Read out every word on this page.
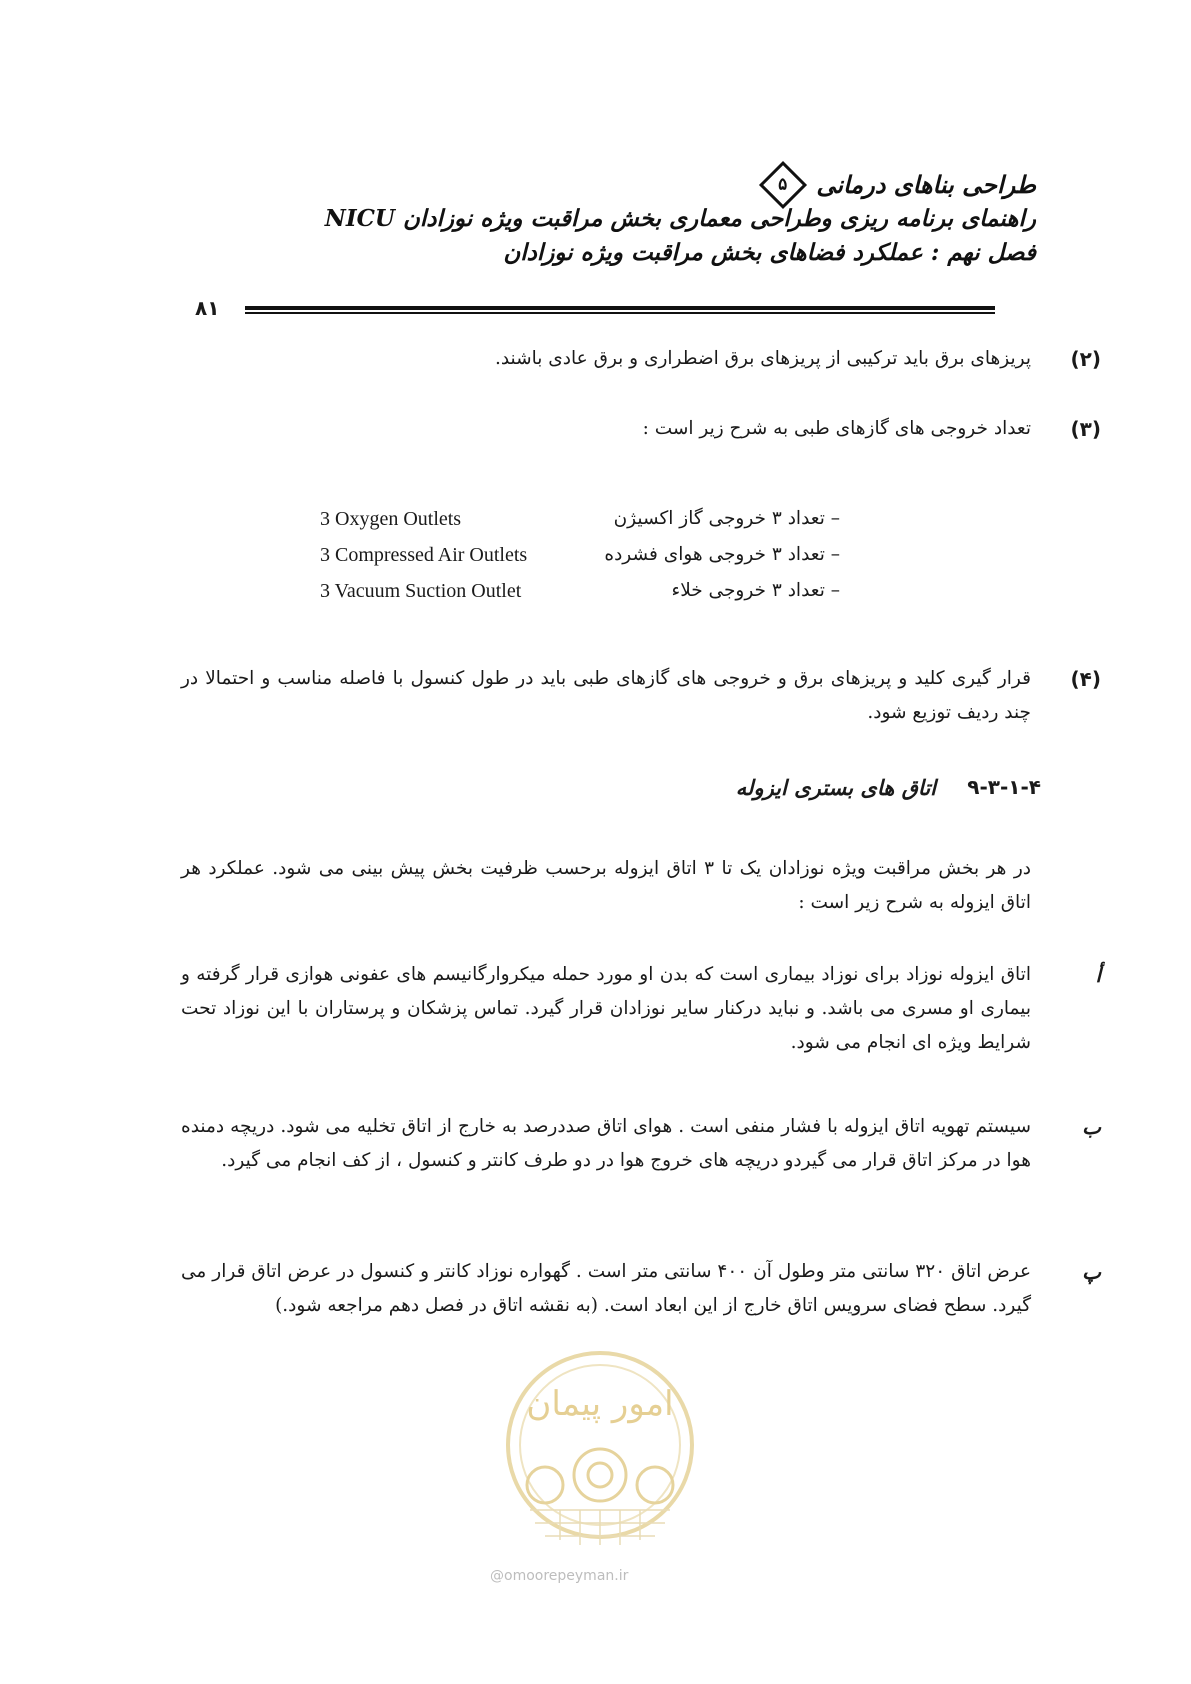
طراحی بناهای درمانی
۵
راهنمای برنامه ریزی وطراحی معماری بخش مراقبت ویژه نوزادان NICU
فصل نهم : عملکرد فضاهای بخش مراقبت ویژه نوزادان
۸۱
(۲)
پریزهای برق باید ترکیبی از پریزهای برق اضطراری و برق عادی باشند.
(۳)
تعداد خروجی های گازهای طبی به شرح زیر است :
3 Oxygen Outlets	– تعداد ۳ خروجی گاز اکسیژن
3 Compressed Air Outlets	– تعداد ۳ خروجی هوای فشرده
3 Vacuum Suction Outlet	– تعداد ۳ خروجی خلاء
(۴)
قرار گیری کلید و پریزهای برق و خروجی های گازهای طبی باید در طول کنسول با فاصله مناسب و احتمالا در چند ردیف توزیع شود.
۹-۳-۱-۴
اتاق های بستری ایزوله
در هر بخش مراقبت ویژه نوزادان یک تا ۳ اتاق ایزوله برحسب ظرفیت بخش پیش بینی می شود. عملکرد هر اتاق ایزوله به شرح زیر است :
أ
اتاق ایزوله نوزاد برای نوزاد بیماری است که بدن او مورد حمله میکروارگانیسم های عفونی هوازی قرار گرفته و بیماری او مسری می باشد. و نباید درکنار سایر نوزادان قرار گیرد. تماس پزشکان و پرستاران با این نوزاد تحت شرایط ویژه ای انجام می شود.
ب
سیستم تهویه اتاق ایزوله با فشار منفی است . هوای اتاق صددرصد به خارج از اتاق تخلیه می شود. دریچه دمنده هوا در مرکز اتاق قرار می گیردو دریچه های خروج هوا در دو طرف کانتر و کنسول ، از کف انجام می گیرد.
پ
عرض اتاق ۳۲۰ سانتی متر وطول آن ۴۰۰ سانتی متر است . گهواره نوزاد کانتر و کنسول در عرض اتاق قرار می گیرد. سطح فضای سرویس اتاق خارج از این ابعاد است. (به نقشه اتاق در فصل دهم مراجعه شود.)
امور پیمان
@omoorepeyman.ir
